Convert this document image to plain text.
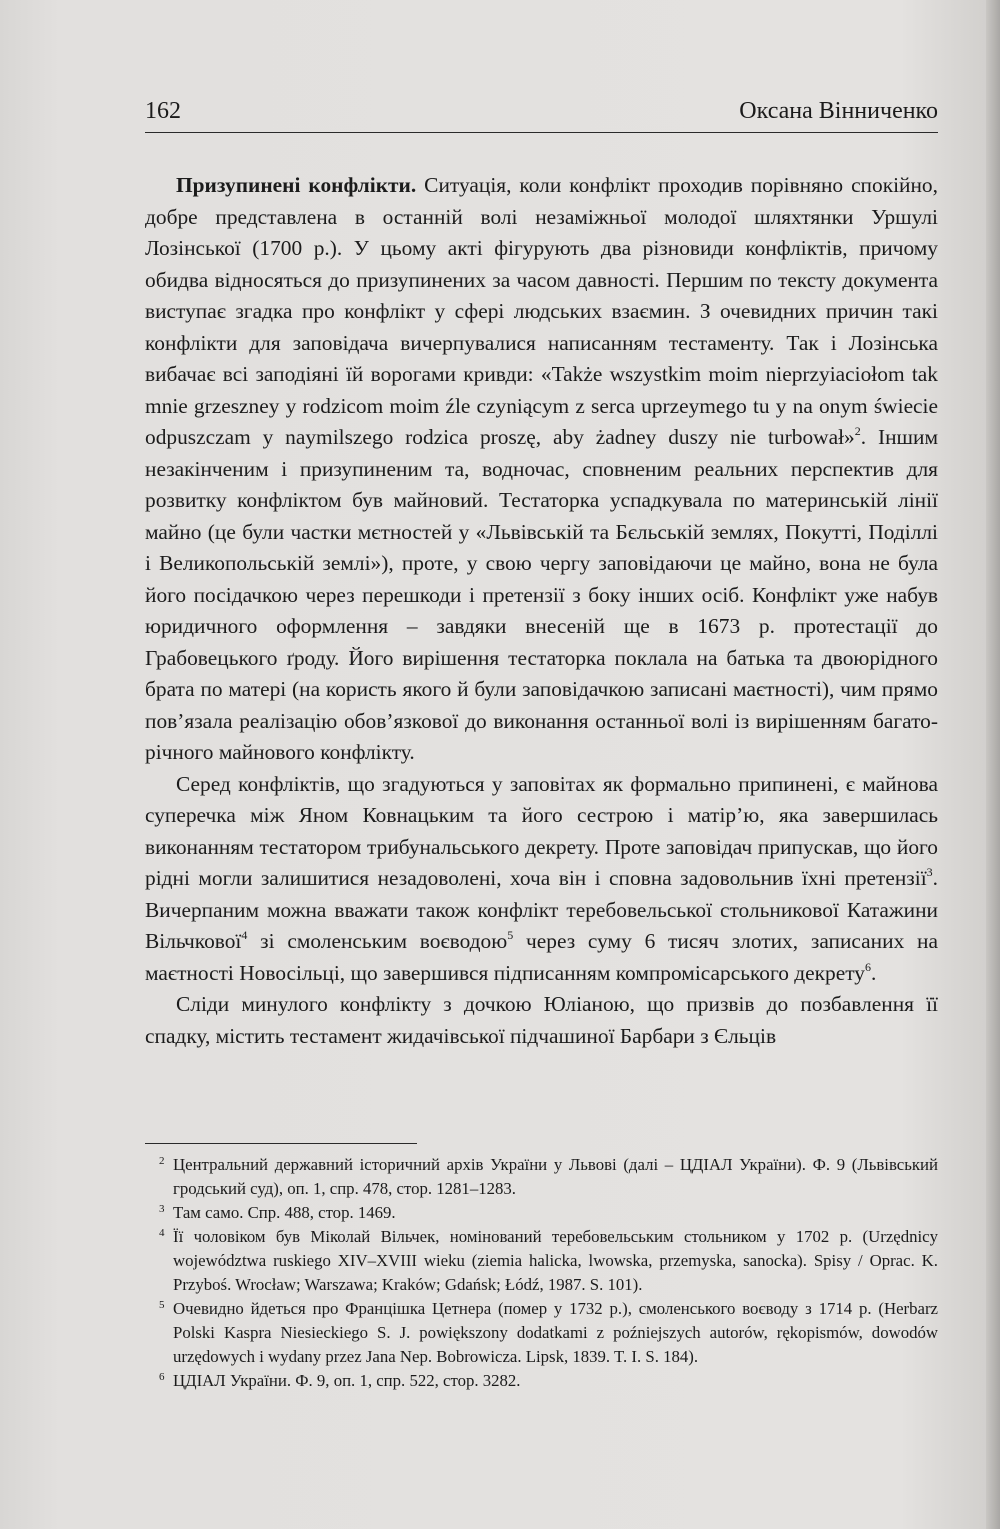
162	Оксана Вінниченко

Призупинені конфлікти. Ситуація, коли конфлікт проходив порівняно спокійно, добре представлена в останній волі незаміжньої молодої шляхтянки Уршулі Лозінської (1700 р.). У цьому акті фігурують два різновиди конфліктів, причому обидва відносяться до призупинених за часом давності. Першим по тексту документа виступає згадка про конфлікт у сфері людських взаємин. З очевидних причин такі конфлікти для заповідача вичерпувалися написанням тестаменту. Так і Лозінська вибачає всі заподіяні їй ворогами кривди: «Także wszystkim moim nieprzyiaciołom tak mnie grzeszney y rodzicom moim źle czyniącym z serca uprzeymego tu y na onym świecie odpuszczam y naymilszego rodzica proszę, aby żadney duszy nie turbował»$^2$. Іншим незакінченим і призупиненим та, водночас, сповненим реальних перспектив для розвитку конфліктом був майновий. Тестаторка успадкувала по материнській лінії майно (це були частки мєтностей у «Львівській та Бєльській землях, Покутті, Поділлі і Великопольській землі»), проте, у свою чергу заповідаючи це майно, вона не була його посідачкою через перешкоди і претензії з боку інших осіб. Конфлікт уже набув юридичного оформлення – завдяки внесеній ще в 1673 р. протестації до Грабовецького ґроду. Його вирішення тестаторка поклала на батька та двоюрідного брата по матері (на користь якого й були заповідачкою записані маєтності), чим прямо пов’язала реалізацію обов’язкової до виконання останньої волі із вирішенням багаторічного майнового конфлікту.

Серед конфліктів, що згадуються у заповітах як формально припинені, є майнова суперечка між Яном Ковнацьким та його сестрою і матір’ю, яка завершилась виконанням тестатором трибунальського декрету. Проте заповідач припускав, що його рідні могли залишитися незадоволені, хоча він і сповна задовольнив їхні претензії$^3$. Вичерпаним можна вважати також конфлікт теребовельської стольникової Катажини Вільчкової$^4$ зі смоленським воєводою$^5$ через суму 6 тисяч злотих, записаних на маєтності Новосільці, що завершився підписанням компромісарського декрету$^6$.

Сліди минулого конфлікту з дочкою Юліаною, що призвів до позбавлення її спадку, містить тестамент жидачівської підчашиної Барбари з Єльців

2 Центральний державний історичний архів України у Львові (далі – ЦДІАЛ України). Ф. 9 (Львівський гродський суд), оп. 1, спр. 478, стор. 1281–1283.
3 Там само. Спр. 488, стор. 1469.
4 Її чоловіком був Міколай Вільчек, номінований теребовельським стольником у 1702 р. (Urzędnicy województwa ruskiego XIV–XVIII wieku (ziemia halicka, lwowska, przemyska, sanocka). Spisy / Oprac. K. Przyboś. Wrocław; Warszawa; Kraków; Gdańsk; Łódź, 1987. S. 101).
5 Очевидно йдеться про Францішка Цетнера (помер у 1732 р.), смоленського воєводу з 1714 р. (Herbarz Polski Kaspra Niesieckiego S. J. powiększony dodatkami z poźniejszych autorów, rękopismów, dowodów urzędowych i wydany przez Jana Nep. Bobrowicza. Lipsk, 1839. T. I. S. 184).
6 ЦДІАЛ України. Ф. 9, оп. 1, спр. 522, стор. 3282.
